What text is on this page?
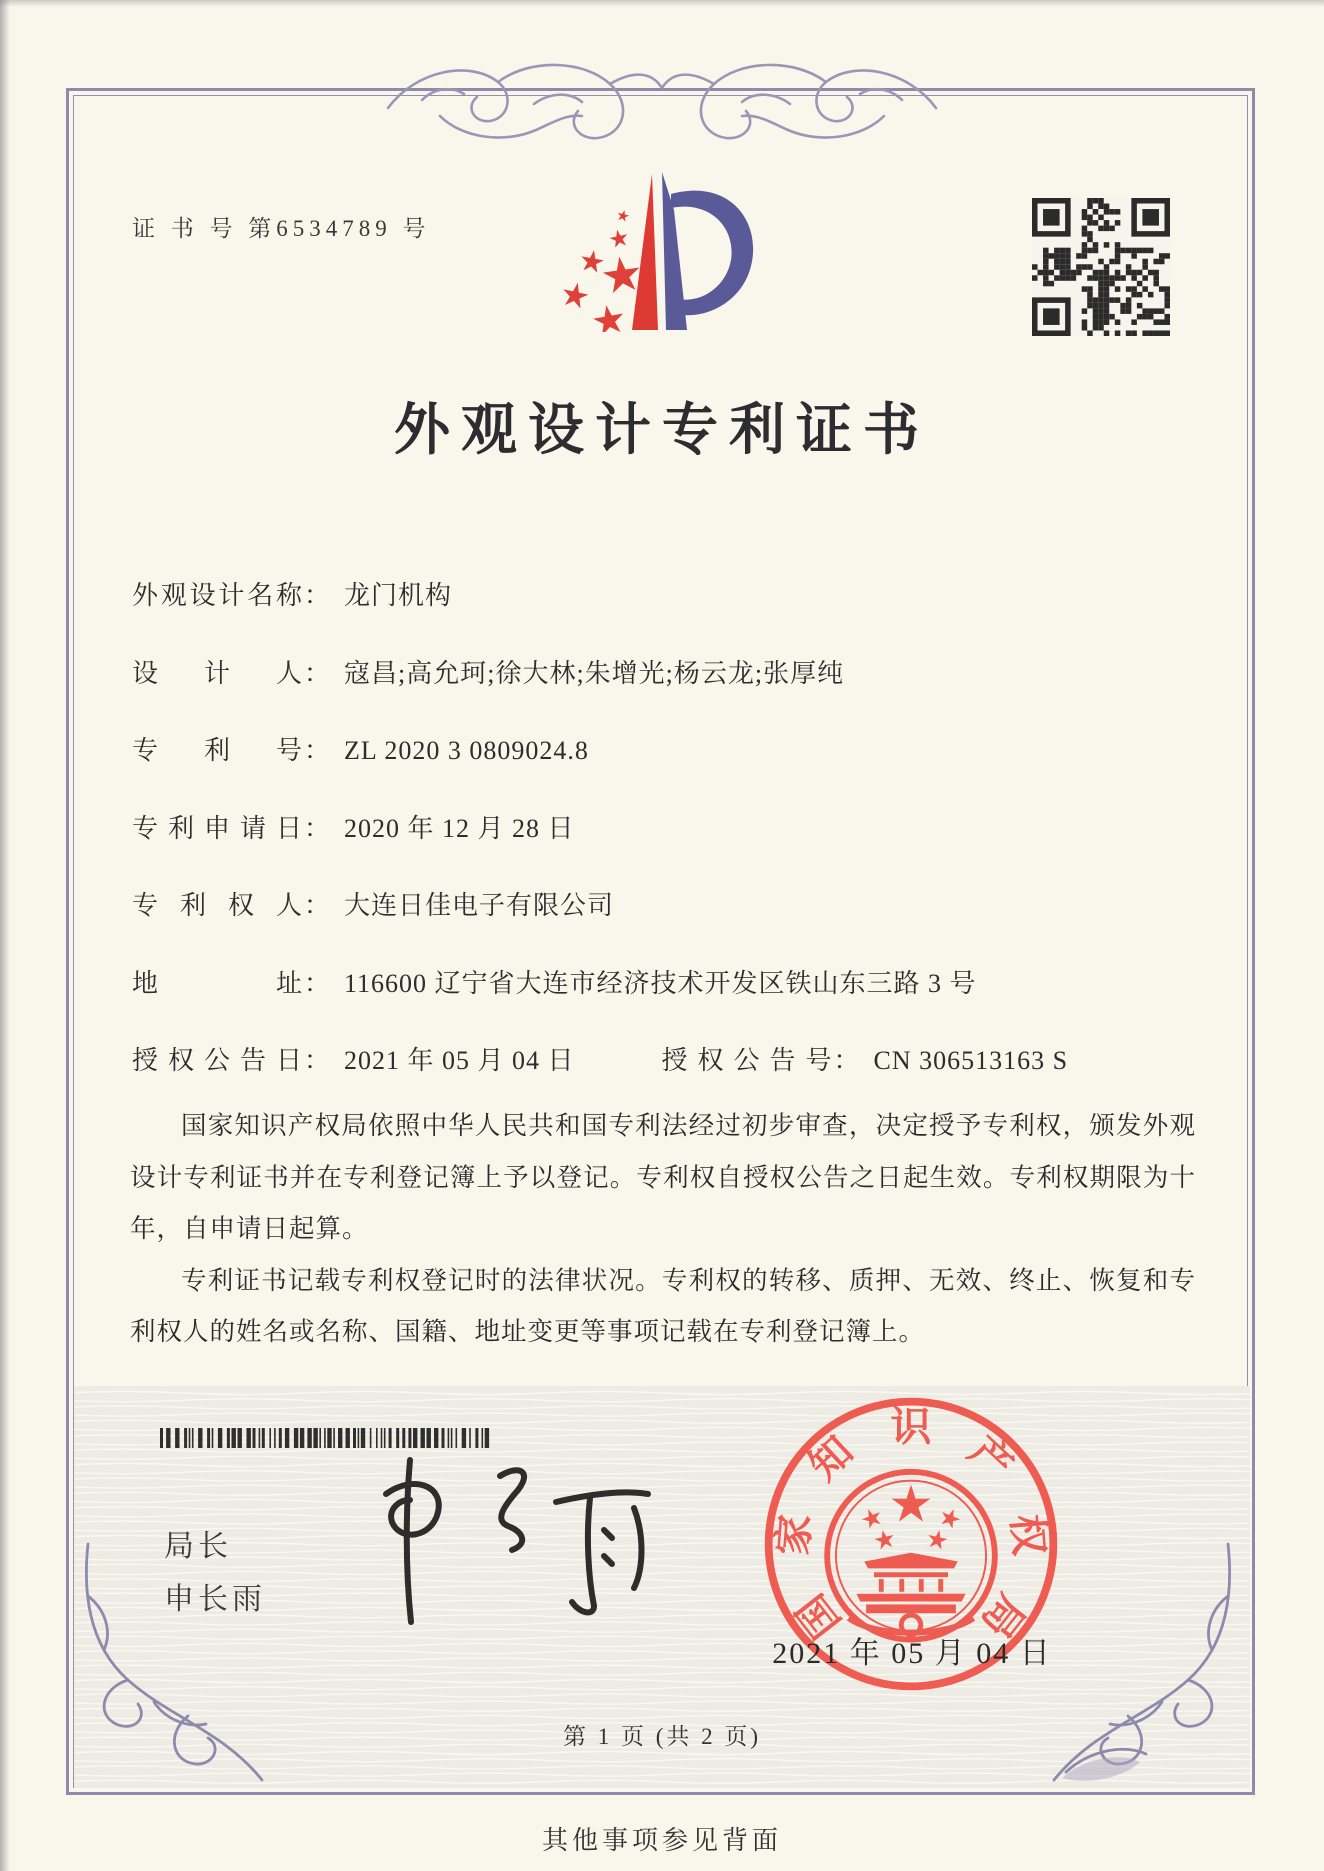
证 书 号 第6534789 号
外观设计专利证书
外观设计名称： 龙门机构
设计人： 寇昌;高允珂;徐大林;朱增光;杨云龙;张厚纯
专利号： ZL 2020 3 0809024.8
专利申请日： 2020 年 12 月 28 日
专利权人： 大连日佳电子有限公司
地址： 116600 辽宁省大连市经济技术开发区铁山东三路 3 号
授权公告日： 2021 年 05 月 04 日	授权公告号： CN 306513163 S

国家知识产权局依照中华人民共和国专利法经过初步审查，决定授予专利权，颁发外观设计专利证书并在专利登记簿上予以登记。专利权自授权公告之日起生效。专利权期限为十年，自申请日起算。

专利证书记载专利权登记时的法律状况。专利权的转移、质押、无效、终止、恢复和专利权人的姓名或名称、国籍、地址变更等事项记载在专利登记簿上。

局长
申长雨	国
家
知
识
产
权
局
2021 年 05 月 04 日
第 1 页 (共 2 页)
其他事项参见背面
